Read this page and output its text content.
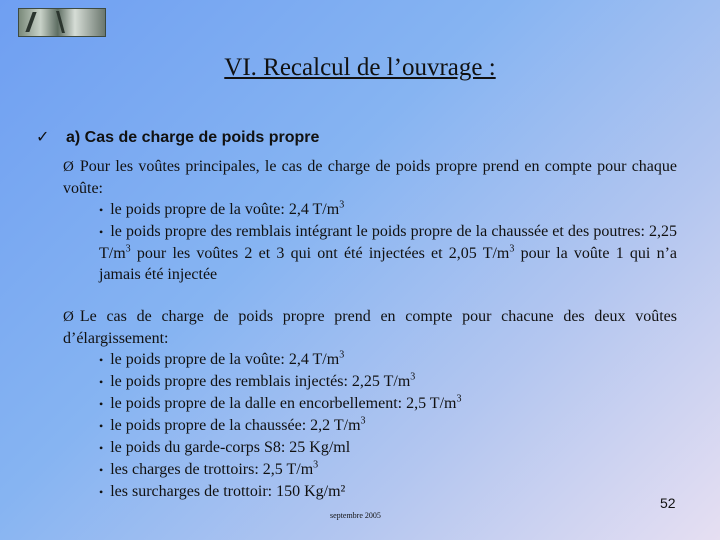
VI. Recalcul de l’ouvrage :
✓ a) Cas de charge de poids propre
Ø Pour les voûtes principales, le cas de charge de poids propre prend en compte pour chaque voûte:
• le poids propre de la voûte: 2,4 $T/m^3$
• le poids propre des remblais intégrant le poids propre de la chaussée et des poutres: 2,25 $T/m^3$ pour les voûtes 2 et 3 qui ont été injectées et 2,05 $T/m^3$ pour la voûte 1 qui n’a jamais été injectée
Ø Le cas de charge de poids propre prend en compte pour chacune des deux voûtes d’élargissement:
• le poids propre de la voûte: 2,4 $T/m^3$
• le poids propre des remblais injectés: 2,25 $T/m^3$
• le poids propre de la dalle en encorbellement: 2,5 $T/m^3$
• le poids propre de la chaussée: 2,2 $T/m^3$
• le poids du garde-corps S8: 25 Kg/ml
• les charges de trottoirs: 2,5 $T/m^3$
• les surcharges de trottoir: 150 Kg/m²
septembre 2005
52
